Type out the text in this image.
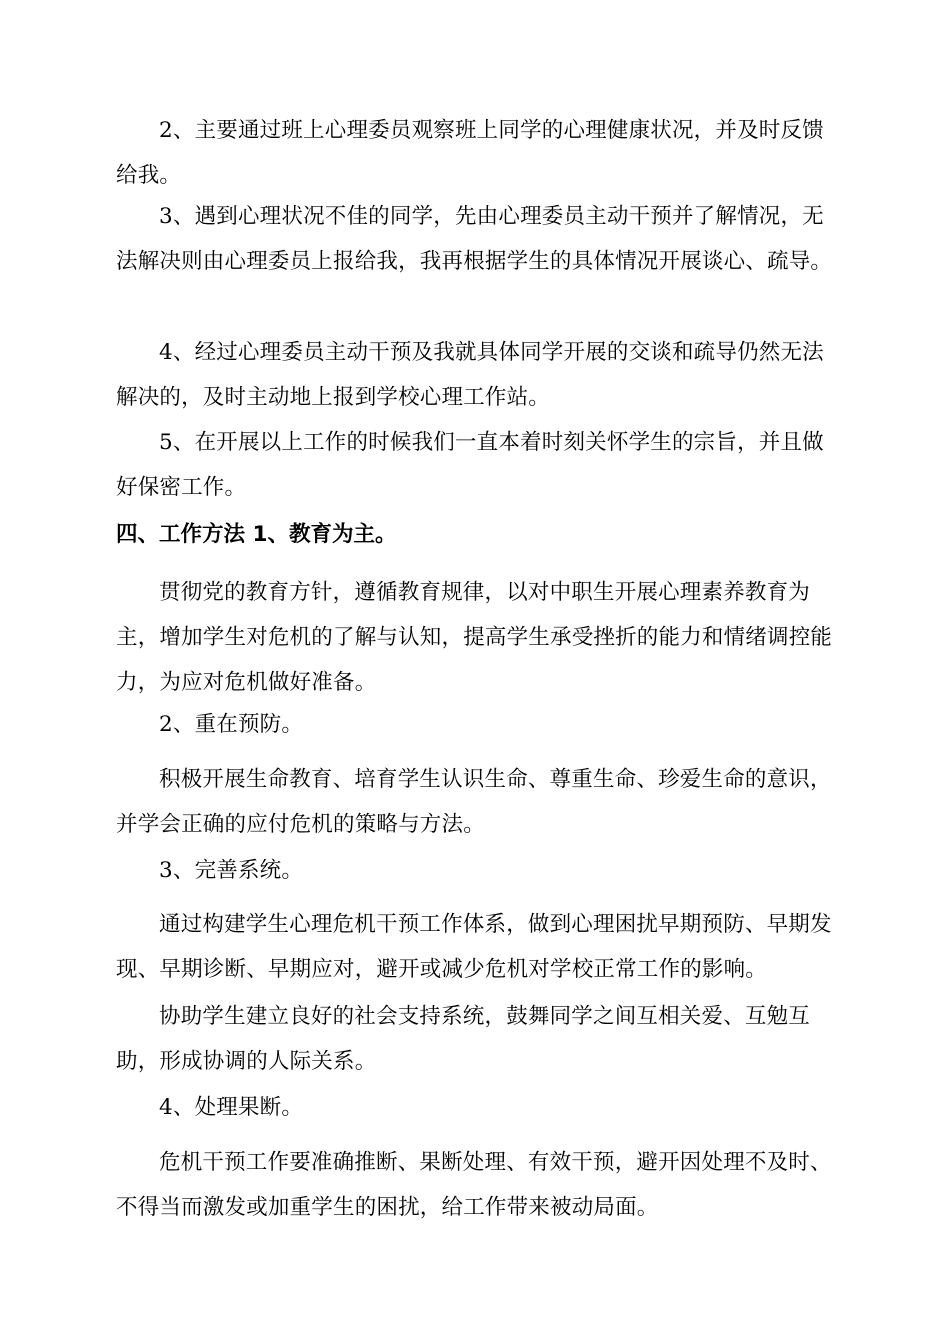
2、主要通过班上心理委员观察班上同学的心理健康状况，并及时反馈给我。

3、遇到心理状况不佳的同学，先由心理委员主动干预并了解情况，无法解决则由心理委员上报给我，我再根据学生的具体情况开展谈心、疏导。

4、经过心理委员主动干预及我就具体同学开展的交谈和疏导仍然无法解决的，及时主动地上报到学校心理工作站。

5、在开展以上工作的时候我们一直本着时刻关怀学生的宗旨，并且做好保密工作。

四、工作方法 1、教育为主。

贯彻党的教育方针，遵循教育规律，以对中职生开展心理素养教育为主，增加学生对危机的了解与认知，提高学生承受挫折的能力和情绪调控能力，为应对危机做好准备。

2、重在预防。

积极开展生命教育、培育学生认识生命、尊重生命、珍爱生命的意识，并学会正确的应付危机的策略与方法。

3、完善系统。

通过构建学生心理危机干预工作体系，做到心理困扰早期预防、早期发现、早期诊断、早期应对，避开或减少危机对学校正常工作的影响。

协助学生建立良好的社会支持系统，鼓舞同学之间互相关爱、互勉互助，形成协调的人际关系。

4、处理果断。

危机干预工作要准确推断、果断处理、有效干预，避开因处理不及时、不得当而激发或加重学生的困扰，给工作带来被动局面。
